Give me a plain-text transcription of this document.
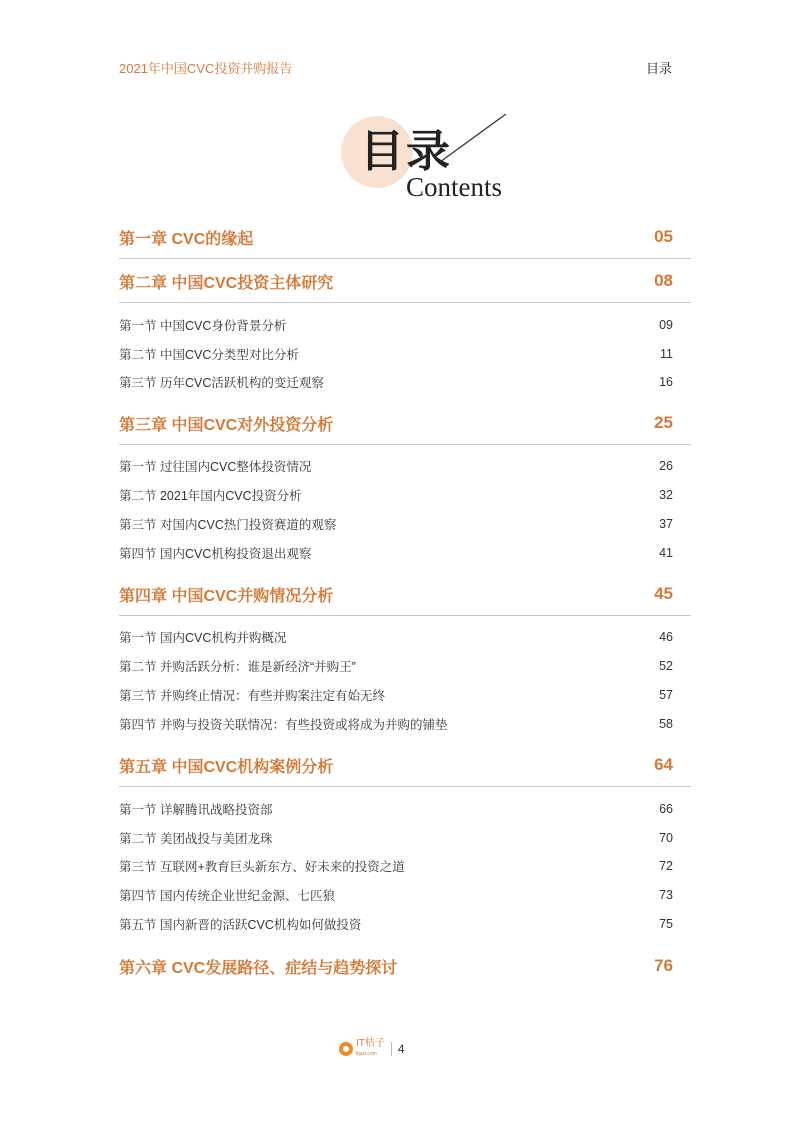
2021年中国CVC投资并购报告	目录
目录
Contents
第一章 CVC的缘起	05
第二章 中国CVC投资主体研究	08
第一节 中国CVC身份背景分析	09
第二节 中国CVC分类型对比分析	11
第三节 历年CVC活跃机构的变迁观察	16
第三章 中国CVC对外投资分析	25
第一节 过往国内CVC整体投资情况	26
第二节 2021年国内CVC投资分析	32
第三节 对国内CVC热门投资赛道的观察	37
第四节 国内CVC机构投资退出观察	41
第四章 中国CVC并购情况分析	45
第一节 国内CVC机构并购概况	46
第二节 并购活跃分析：谁是新经济“并购王”	52
第三节 并购终止情况：有些并购案注定有始无终	57
第四节 并购与投资关联情况：有些投资或将成为并购的铺垫	58
第五章 中国CVC机构案例分析	64
第一节 详解腾讯战略投资部	66
第二节 美团战投与美团龙珠	70
第三节 互联网+教育巨头新东方、好未来的投资之道	72
第四节 国内传统企业世纪金源、七匹狼	73
第五节 国内新晋的活跃CVC机构如何做投资	75
第六章 CVC发展路径、症结与趋势探讨	76
IT桔子
itjuzi.com	4
